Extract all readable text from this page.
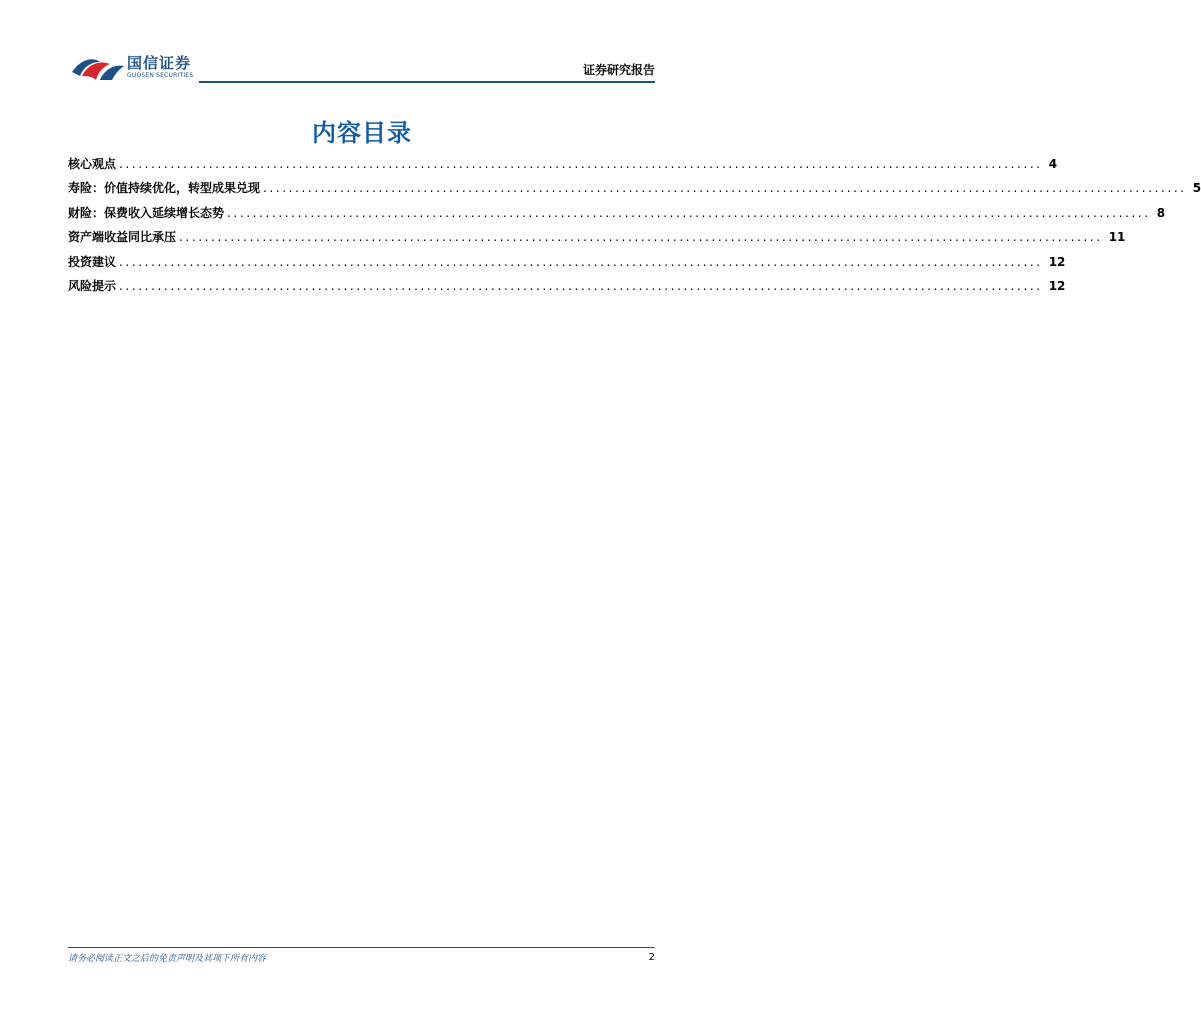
国信证券
GUOSEN SECURITIES	证券研究报告
内容目录
核心观点 ................................................................................................................................................ 4
寿险：价值持续优化，转型成果兑现 ................................................................................................................................................ 5
财险：保费收入延续增长态势 ................................................................................................................................................ 8
资产端收益同比承压 ................................................................................................................................................ 11
投资建议 ................................................................................................................................................ 12
风险提示 ................................................................................................................................................ 12
请务必阅读正文之后的免责声明及其项下所有内容	2
